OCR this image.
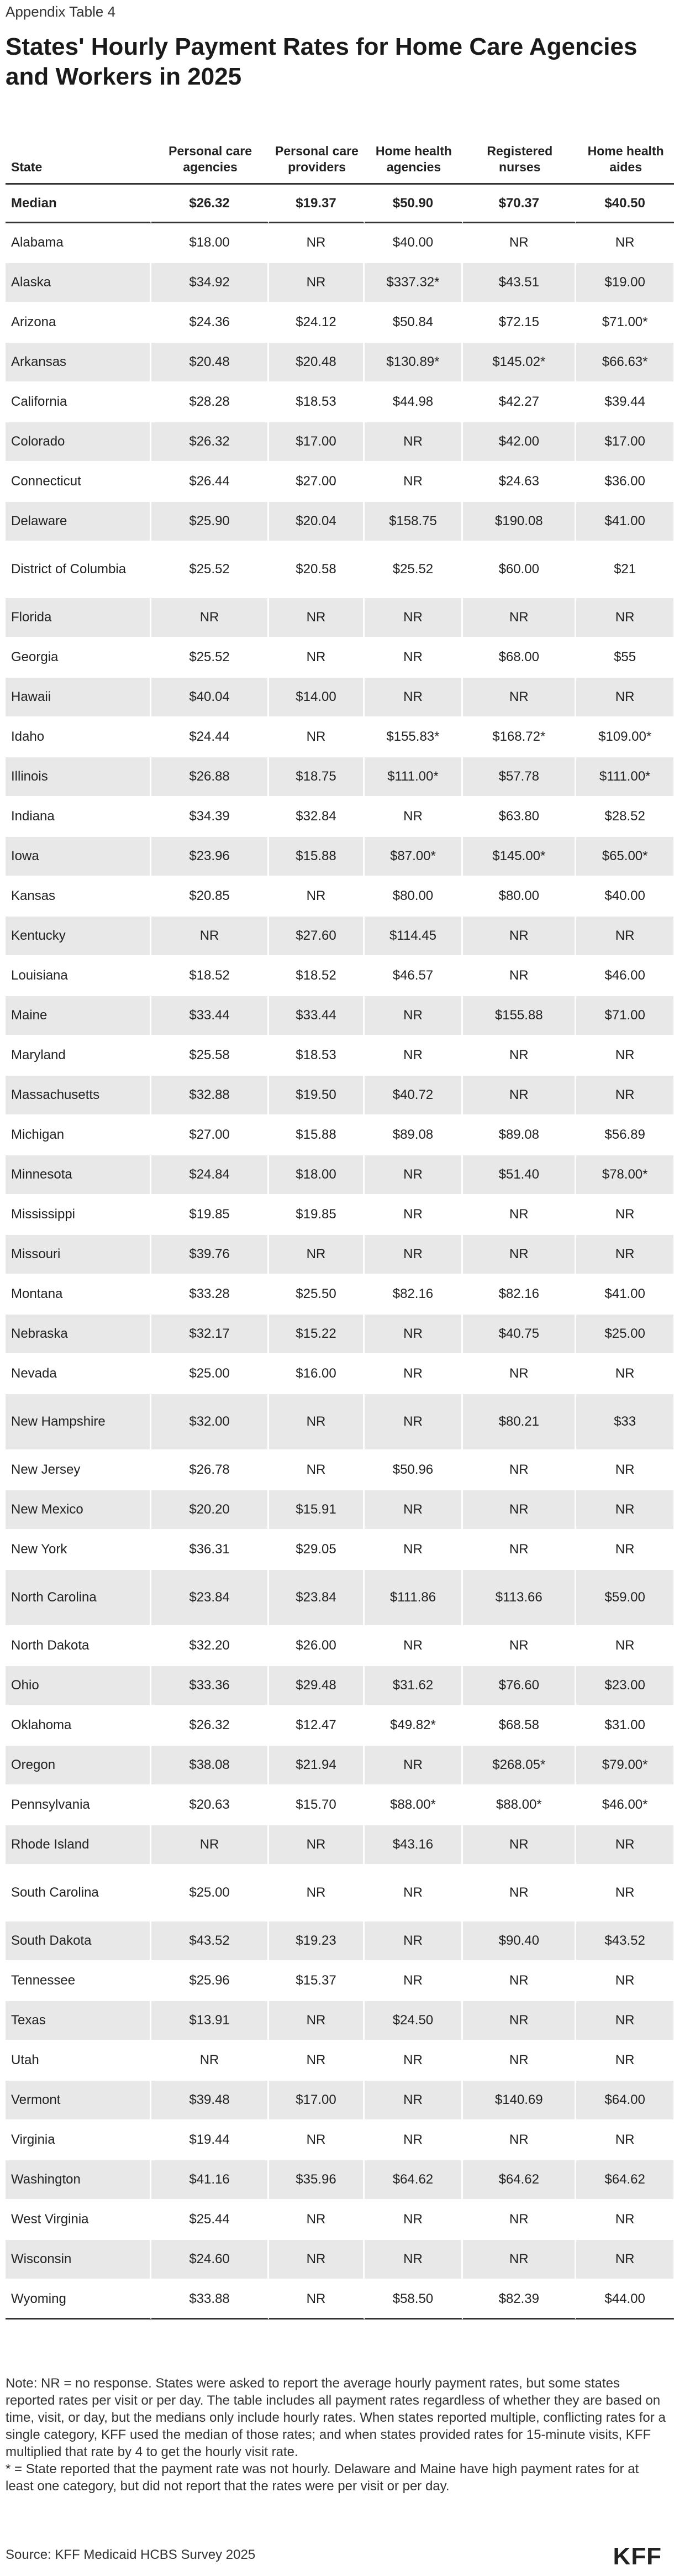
Appendix Table 4
States' Hourly Payment Rates for Home Care Agencies and Workers in 2025
State	Personal care agencies	Personal care providers	Home health agencies	Registered nurses	Home health aides
Median	$26.32	$19.37	$50.90	$70.37	$40.50
Alabama	$18.00	NR	$40.00	NR	NR
Alaska	$34.92	NR	$337.32*	$43.51	$19.00
Arizona	$24.36	$24.12	$50.84	$72.15	$71.00*
Arkansas	$20.48	$20.48	$130.89*	$145.02*	$66.63*
California	$28.28	$18.53	$44.98	$42.27	$39.44
Colorado	$26.32	$17.00	NR	$42.00	$17.00
Connecticut	$26.44	$27.00	NR	$24.63	$36.00
Delaware	$25.90	$20.04	$158.75	$190.08	$41.00
District of Columbia	$25.52	$20.58	$25.52	$60.00	$21
Florida	NR	NR	NR	NR	NR
Georgia	$25.52	NR	NR	$68.00	$55
Hawaii	$40.04	$14.00	NR	NR	NR
Idaho	$24.44	NR	$155.83*	$168.72*	$109.00*
Illinois	$26.88	$18.75	$111.00*	$57.78	$111.00*
Indiana	$34.39	$32.84	NR	$63.80	$28.52
Iowa	$23.96	$15.88	$87.00*	$145.00*	$65.00*
Kansas	$20.85	NR	$80.00	$80.00	$40.00
Kentucky	NR	$27.60	$114.45	NR	NR
Louisiana	$18.52	$18.52	$46.57	NR	$46.00
Maine	$33.44	$33.44	NR	$155.88	$71.00
Maryland	$25.58	$18.53	NR	NR	NR
Massachusetts	$32.88	$19.50	$40.72	NR	NR
Michigan	$27.00	$15.88	$89.08	$89.08	$56.89
Minnesota	$24.84	$18.00	NR	$51.40	$78.00*
Mississippi	$19.85	$19.85	NR	NR	NR
Missouri	$39.76	NR	NR	NR	NR
Montana	$33.28	$25.50	$82.16	$82.16	$41.00
Nebraska	$32.17	$15.22	NR	$40.75	$25.00
Nevada	$25.00	$16.00	NR	NR	NR
New Hampshire	$32.00	NR	NR	$80.21	$33
New Jersey	$26.78	NR	$50.96	NR	NR
New Mexico	$20.20	$15.91	NR	NR	NR
New York	$36.31	$29.05	NR	NR	NR
North Carolina	$23.84	$23.84	$111.86	$113.66	$59.00
North Dakota	$32.20	$26.00	NR	NR	NR
Ohio	$33.36	$29.48	$31.62	$76.60	$23.00
Oklahoma	$26.32	$12.47	$49.82*	$68.58	$31.00
Oregon	$38.08	$21.94	NR	$268.05*	$79.00*
Pennsylvania	$20.63	$15.70	$88.00*	$88.00*	$46.00*
Rhode Island	NR	NR	$43.16	NR	NR
South Carolina	$25.00	NR	NR	NR	NR
South Dakota	$43.52	$19.23	NR	$90.40	$43.52
Tennessee	$25.96	$15.37	NR	NR	NR
Texas	$13.91	NR	$24.50	NR	NR
Utah	NR	NR	NR	NR	NR
Vermont	$39.48	$17.00	NR	$140.69	$64.00
Virginia	$19.44	NR	NR	NR	NR
Washington	$41.16	$35.96	$64.62	$64.62	$64.62
West Virginia	$25.44	NR	NR	NR	NR
Wisconsin	$24.60	NR	NR	NR	NR
Wyoming	$33.88	NR	$58.50	$82.39	$44.00

Note: NR = no response. States were asked to report the average hourly payment rates, but some states reported rates per visit or per day. The table includes all payment rates regardless of whether they are based on time, visit, or day, but the medians only include hourly rates. When states reported multiple, conflicting rates for a single category, KFF used the median of those rates; and when states provided rates for 15-minute visits, KFF multiplied that rate by 4 to get the hourly visit rate.

* = State reported that the payment rate was not hourly. Delaware and Maine have high payment rates for at least one category, but did not report that the rates were per visit or per day.

Source: KFF Medicaid HCBS Survey 2025	KFF
